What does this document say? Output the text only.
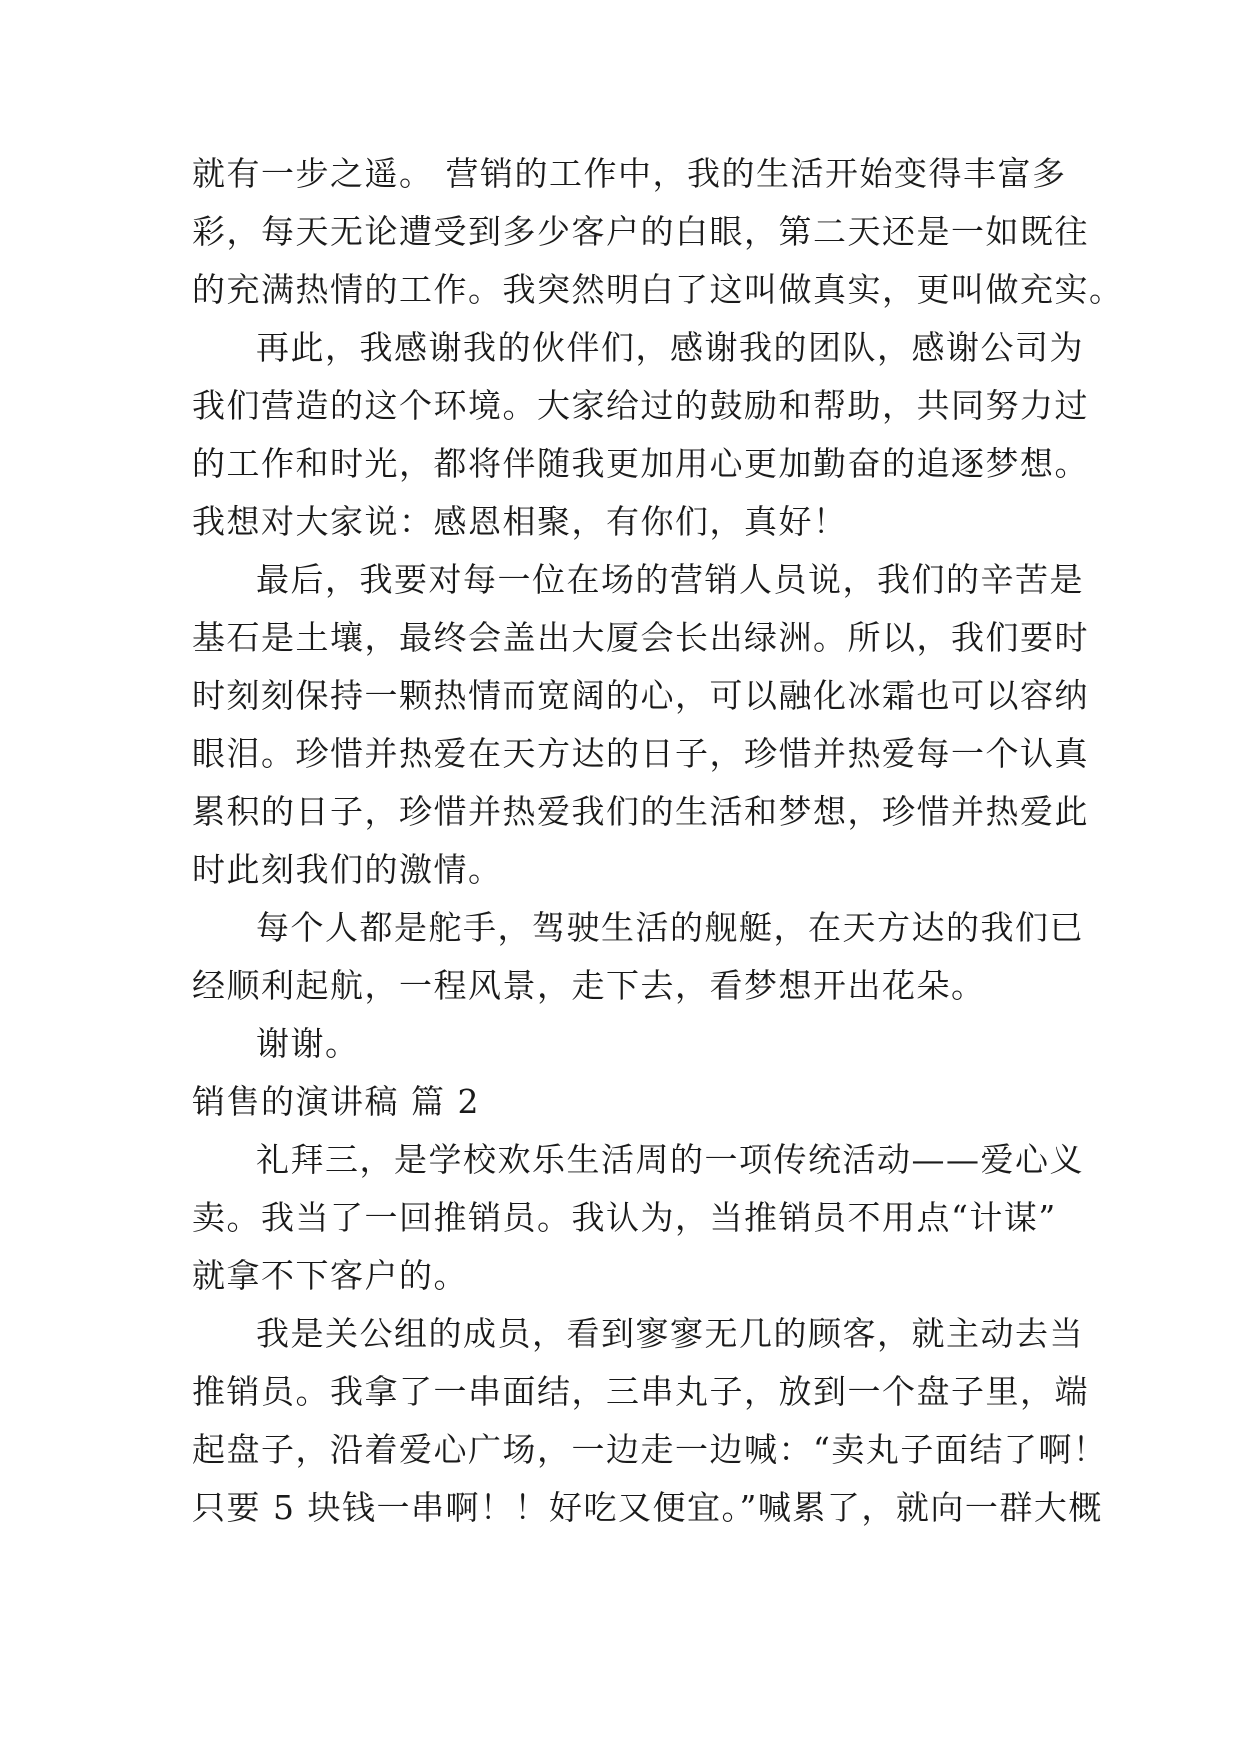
就有一步之遥。 营销的工作中，我的生活开始变得丰富多
彩，每天无论遭受到多少客户的白眼，第二天还是一如既往
的充满热情的工作。我突然明白了这叫做真实，更叫做充实。
再此，我感谢我的伙伴们，感谢我的团队，感谢公司为
我们营造的这个环境。大家给过的鼓励和帮助，共同努力过
的工作和时光，都将伴随我更加用心更加勤奋的追逐梦想。
我想对大家说：感恩相聚，有你们，真好！
最后，我要对每一位在场的营销人员说，我们的辛苦是
基石是土壤，最终会盖出大厦会长出绿洲。所以，我们要时
时刻刻保持一颗热情而宽阔的心，可以融化冰霜也可以容纳
眼泪。珍惜并热爱在天方达的日子，珍惜并热爱每一个认真
累积的日子，珍惜并热爱我们的生活和梦想，珍惜并热爱此
时此刻我们的激情。
每个人都是舵手，驾驶生活的舰艇，在天方达的我们已
经顺利起航，一程风景，走下去，看梦想开出花朵。
谢谢。
销售的演讲稿 篇 2
礼拜三，是学校欢乐生活周的一项传统活动——爱心义
卖。我当了一回推销员。我认为，当推销员不用点“计谋”
就拿不下客户的。
我是关公组的成员，看到寥寥无几的顾客，就主动去当
推销员。我拿了一串面结，三串丸子，放到一个盘子里，端
起盘子，沿着爱心广场，一边走一边喊：“卖丸子面结了啊！
只要 5 块钱一串啊！！好吃又便宜。”喊累了，就向一群大概
